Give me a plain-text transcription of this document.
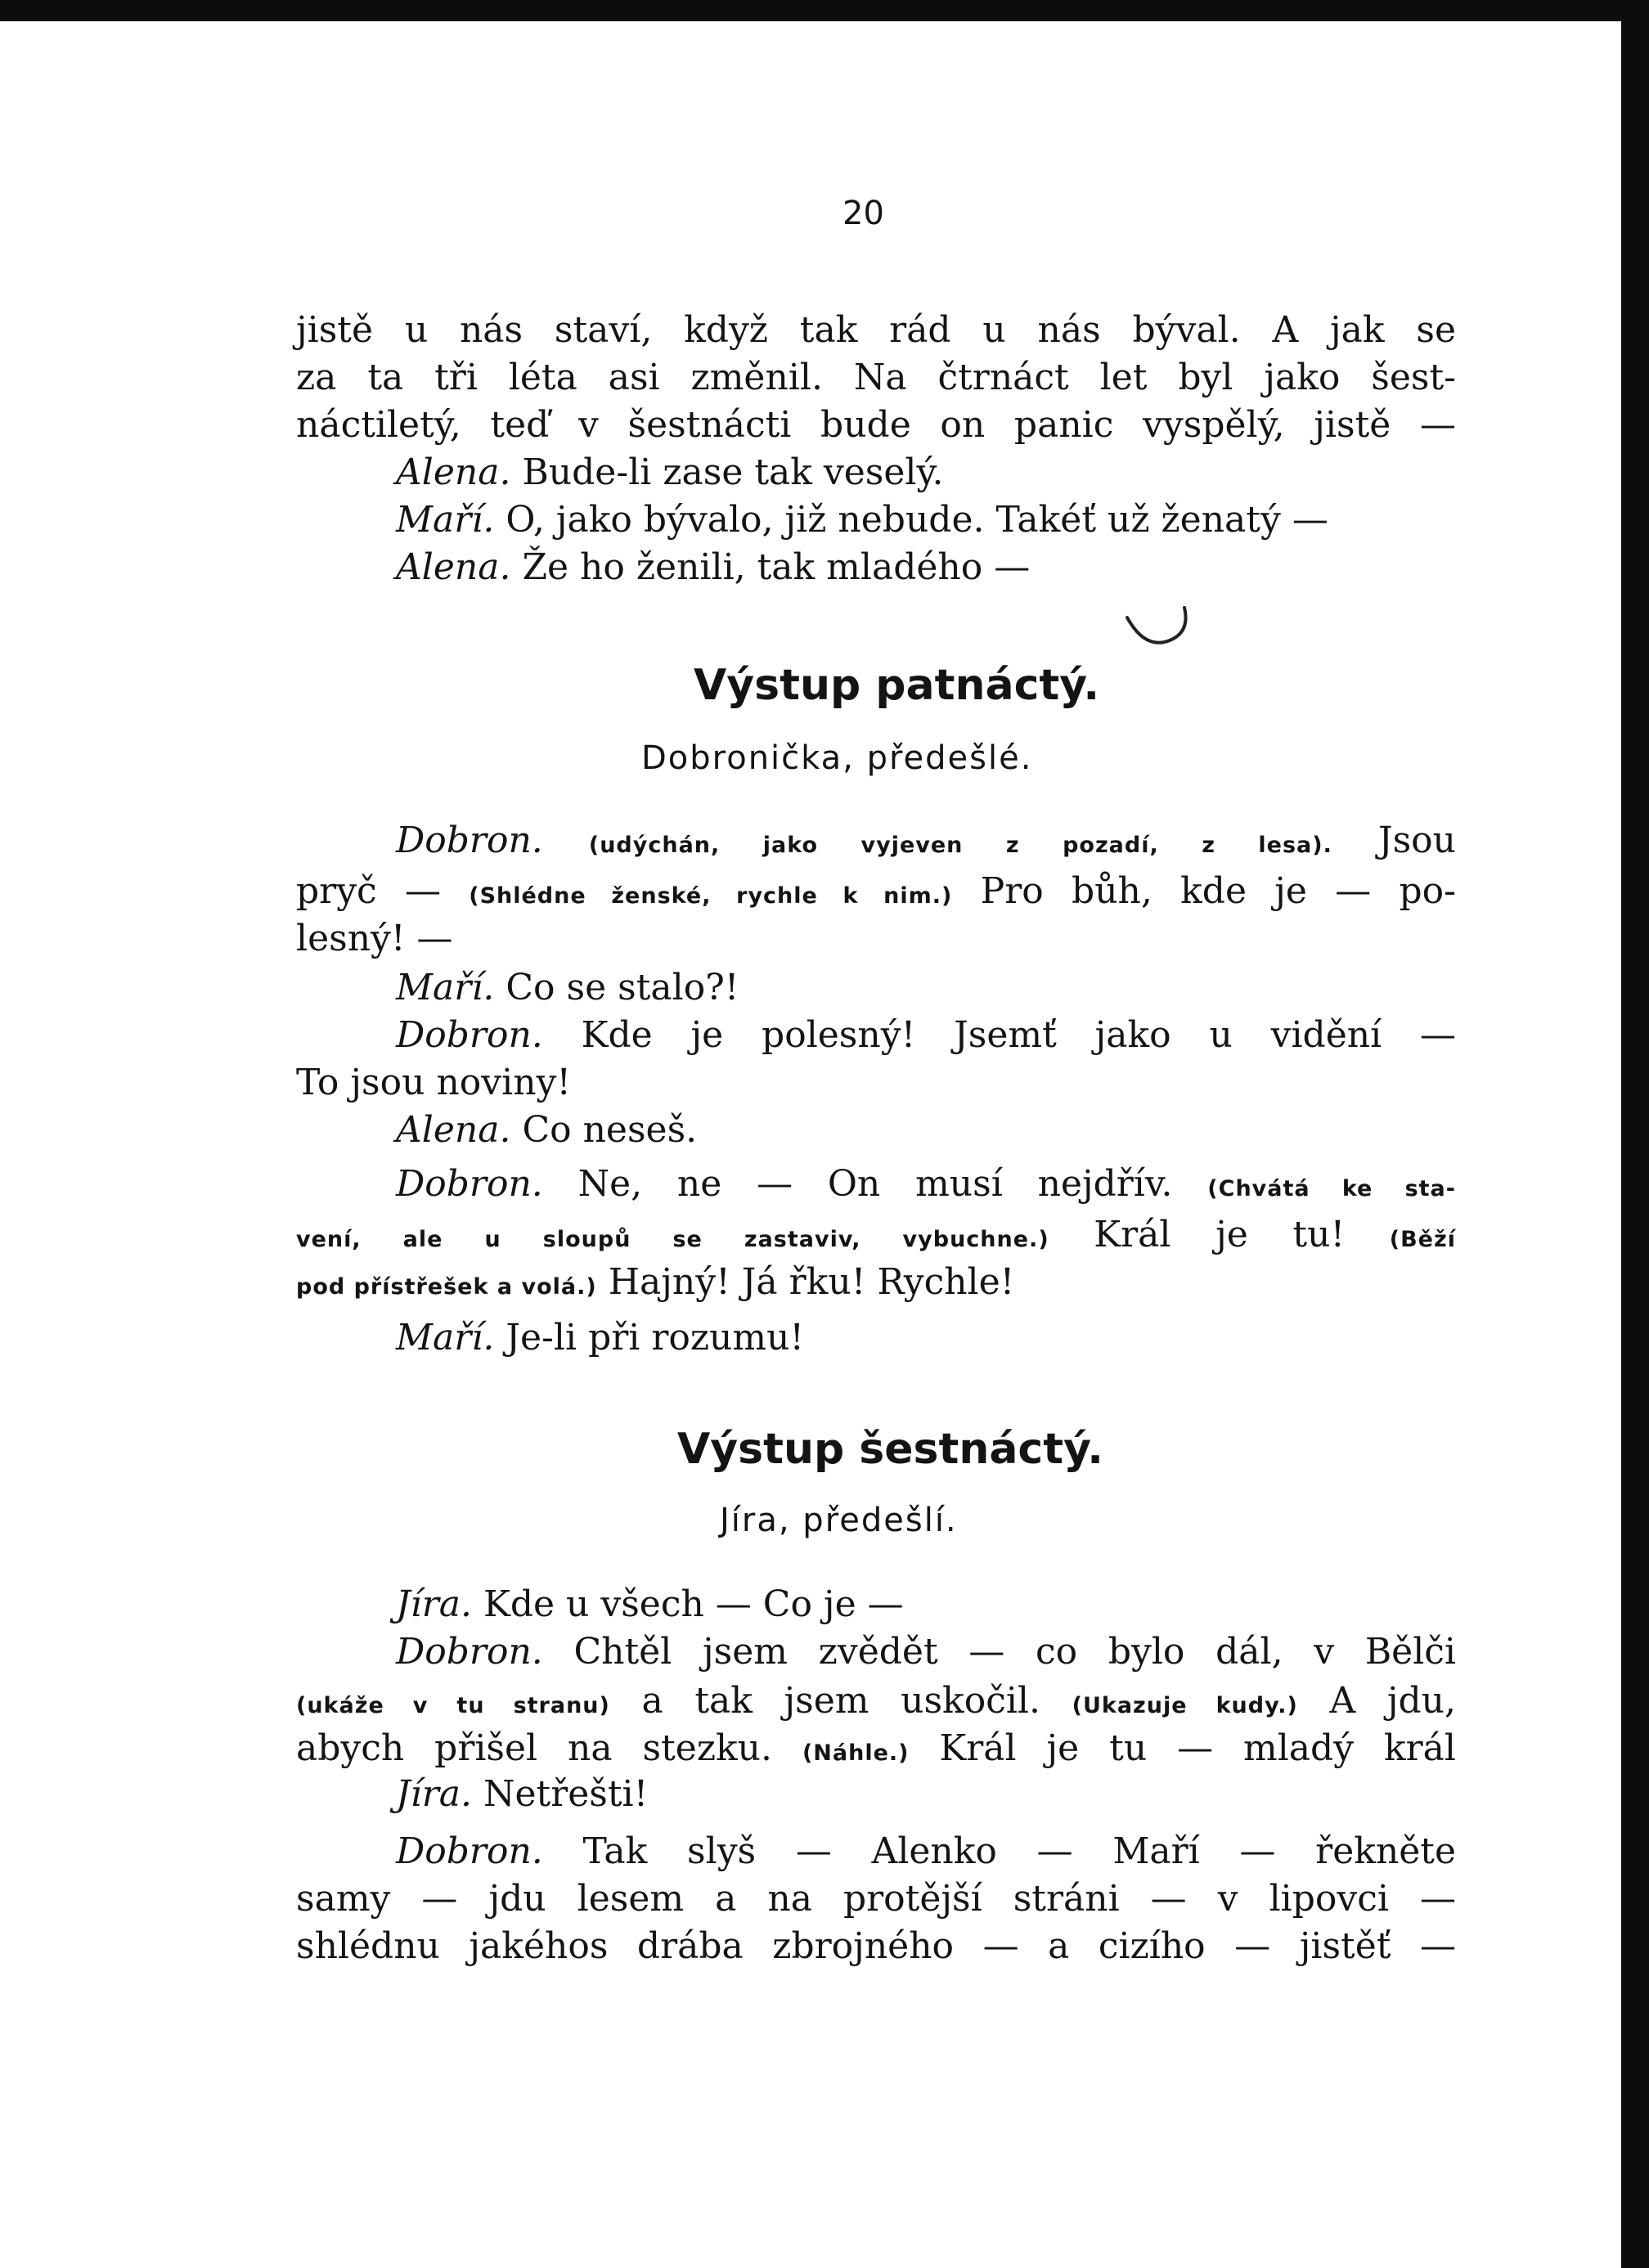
20
jistě u nás staví, když tak rád u nás býval. A jak se
za ta tři léta asi změnil. Na čtrnáct let byl jako šest-
náctiletý, teď v šestnácti bude on panic vyspělý, jistě —
Alena. Bude-li zase tak veselý.
Maří. O, jako bývalo, již nebude. Takéť už ženatý —
Alena. Že ho ženili, tak mladého —
Výstup patnáctý.
Dobronička, předešlé.
Dobron. (udýchán, jako vyjeven z pozadí, z lesa). Jsou
pryč — (Shlédne ženské, rychle k nim.) Pro bůh, kde je — po-
lesný! —
Maří. Co se stalo?!
Dobron. Kde je polesný! Jsemť jako u vidění —
To jsou noviny!
Alena. Co neseš.
Dobron. Ne, ne — On musí nejdřív. (Chvátá ke sta-
vení, ale u sloupů se zastaviv, vybuchne.) Král je tu! (Běží
pod přístřešek a volá.) Hajný! Já řku! Rychle!
Maří. Je-li při rozumu!
Výstup šestnáctý.
Jíra, předešlí.
Jíra. Kde u všech — Co je —
Dobron. Chtěl jsem zvědět — co bylo dál, v Bělči
(ukáže v tu stranu) a tak jsem uskočil. (Ukazuje kudy.) A jdu,
abych přišel na stezku. (Náhle.) Král je tu — mladý král
Jíra. Netřešti!
Dobron. Tak slyš — Alenko — Maří — řekněte
samy — jdu lesem a na protější stráni — v lipovci —
shlédnu jakéhos drába zbrojného — a cizího — jistěť —
